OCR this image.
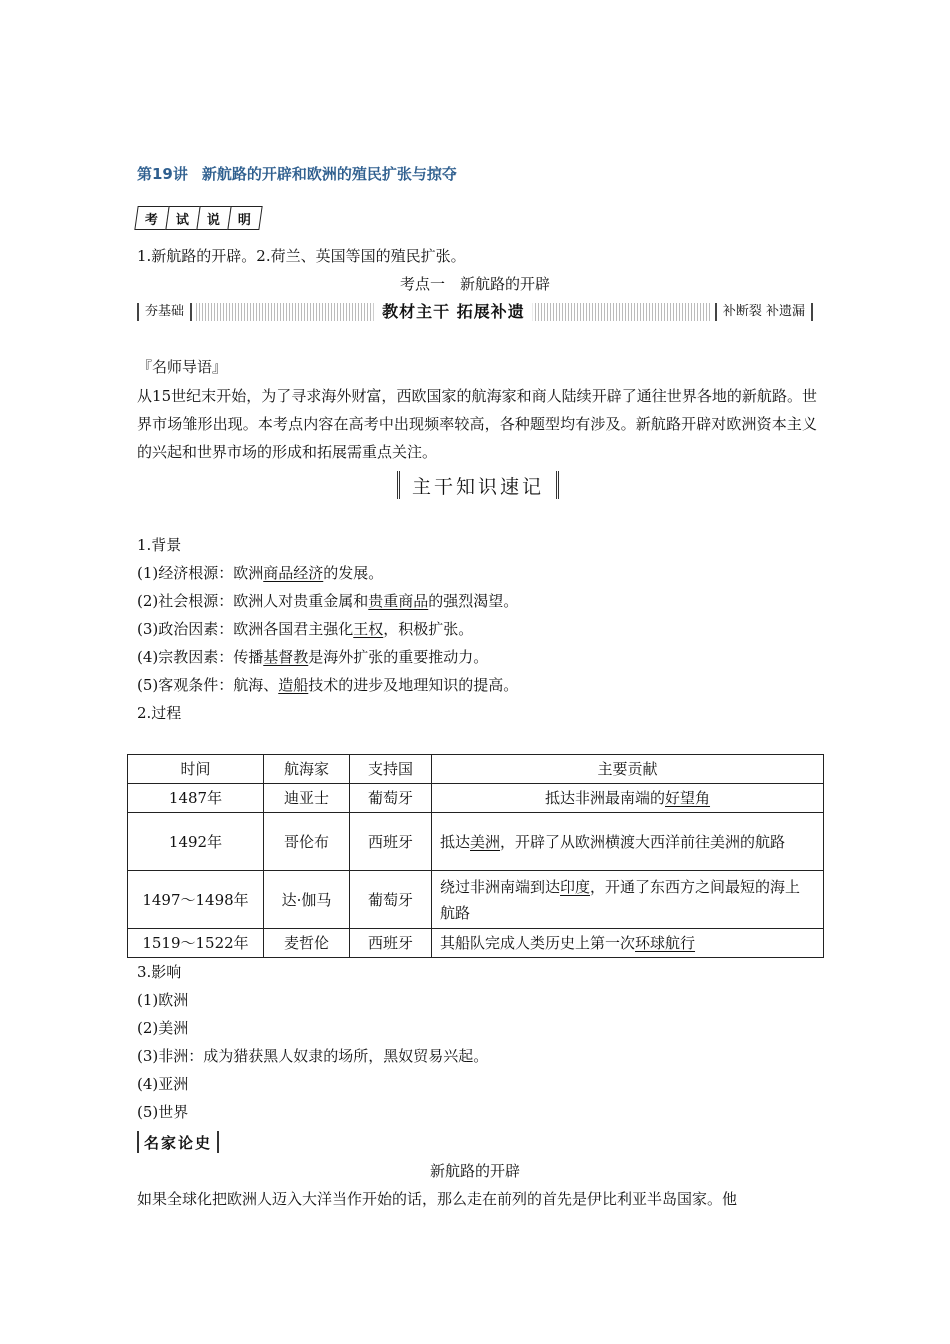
第19讲 新航路的开辟和欧洲的殖民扩张与掠夺
考 试 说 明
1.新航路的开辟。2.荷兰、英国等国的殖民扩张。
考点一　新航路的开辟
夯基础	教材主干 拓展补遗	补断裂 补遗漏
『名师导语』
从15世纪末开始，为了寻求海外财富，西欧国家的航海家和商人陆续开辟了通往世界各地的新航路。世界市场雏形出现。本考点内容在高考中出现频率较高，各种题型均有涉及。新航路开辟对欧洲资本主义的兴起和世界市场的形成和拓展需重点关注。
主干知识速记
1.背景
(1)经济根源：欧洲商品经济的发展。
(2)社会根源：欧洲人对贵重金属和贵重商品的强烈渴望。
(3)政治因素：欧洲各国君主强化王权，积极扩张。
(4)宗教因素：传播基督教是海外扩张的重要推动力。
(5)客观条件：航海、造船技术的进步及地理知识的提高。
2.过程
时间	航海家	支持国	主要贡献
1487年	迪亚士	葡萄牙	抵达非洲最南端的好望角
1492年	哥伦布	西班牙	抵达美洲，开辟了从欧洲横渡大西洋前往美洲的航路
1497～1498年	达·伽马	葡萄牙	绕过非洲南端到达印度，开通了东西方之间最短的海上航路
1519～1522年	麦哲伦	西班牙	其船队完成人类历史上第一次环球航行
3.影响
(1)欧洲
(2)美洲
(3)非洲：成为猎获黑人奴隶的场所，黑奴贸易兴起。
(4)亚洲
(5)世界
名家论史
新航路的开辟
如果全球化把欧洲人迈入大洋当作开始的话，那么走在前列的首先是伊比利亚半岛国家。他
